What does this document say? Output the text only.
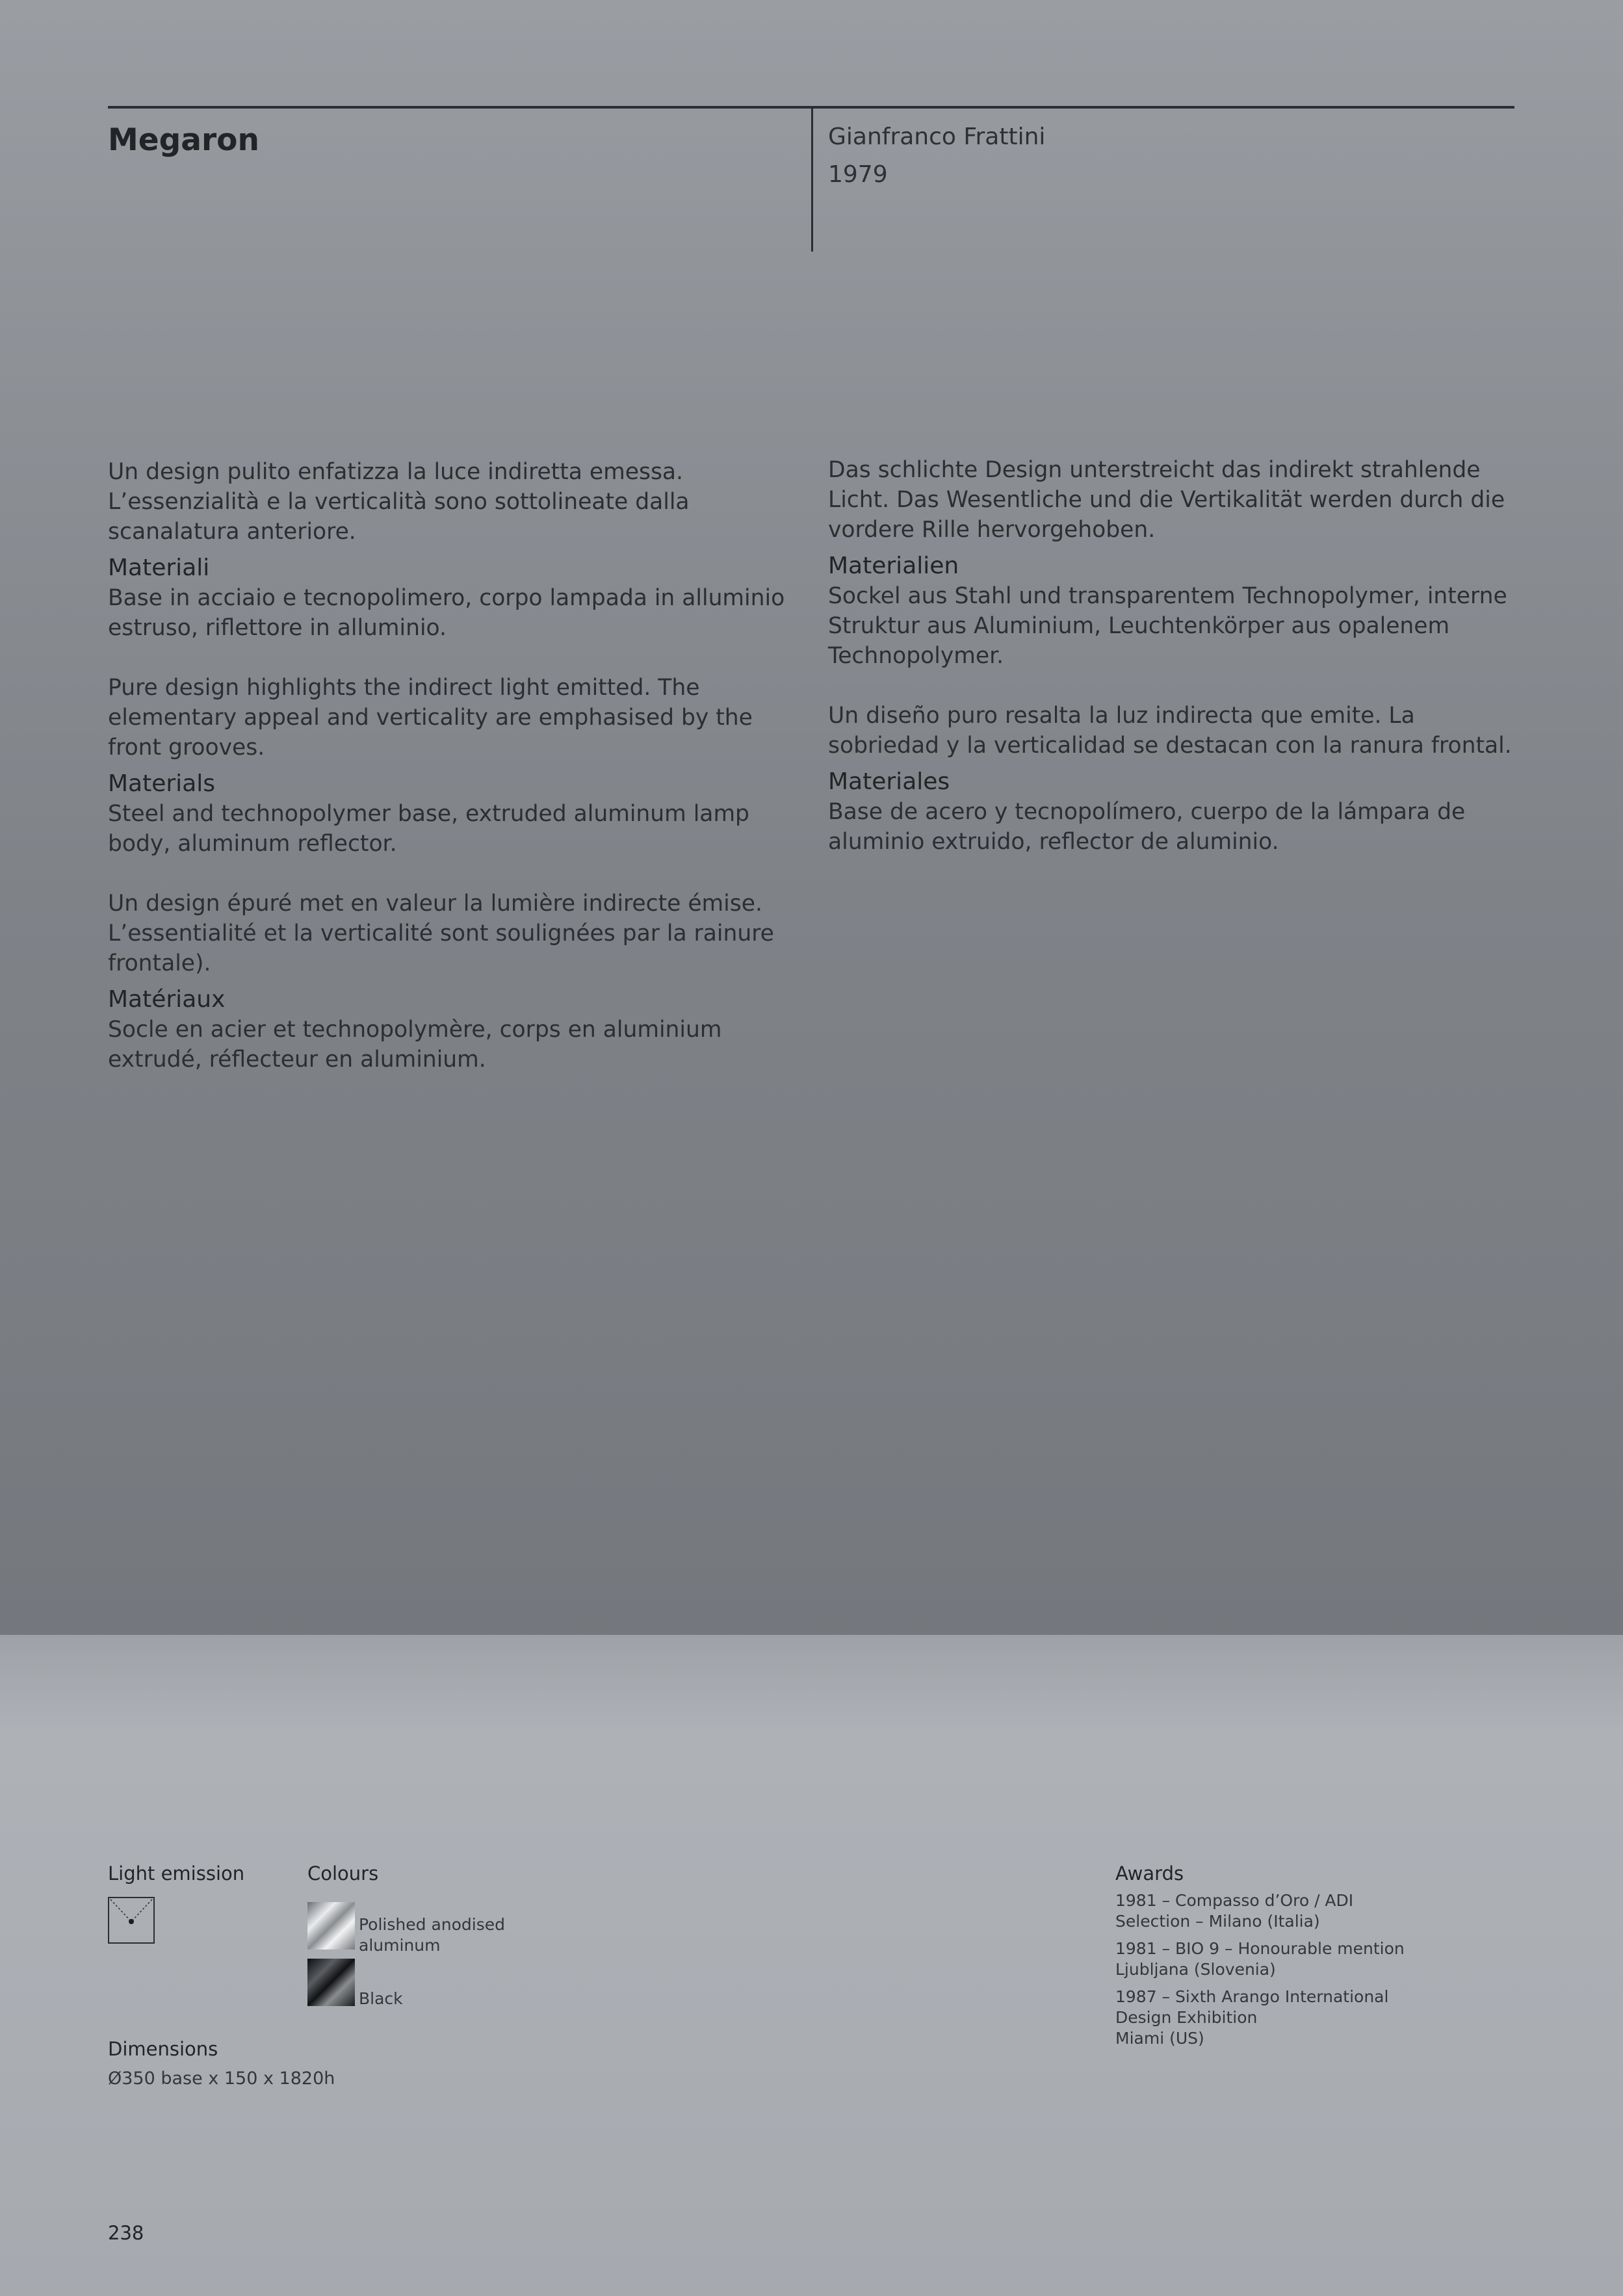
Megaron	Gianfranco Frattini
1979

Un design pulito enfatizza la luce indiretta emessa. L’essenzialità e la verticalità sono sottolineate dalla scanalatura anteriore.

Materiali

Base in acciaio e tecnopolimero, corpo lampada in alluminio estruso, riflettore in alluminio.

Pure design highlights the indirect light emitted. The elementary appeal and verticality are emphasised by the front grooves.

Materials

Steel and technopolymer base, extruded aluminum lamp body, aluminum reflector.

Un design épuré met en valeur la lumière indirecte émise. L’essentialité et la verticalité sont soulignées par la rainure frontale).

Matériaux

Socle en acier et technopolymère, corps en aluminium extrudé, réflecteur en aluminium.

Das schlichte Design unterstreicht das indirekt strahlende Licht. Das Wesentliche und die Vertikalität werden durch die vordere Rille hervorgehoben.

Materialien

Sockel aus Stahl und transparentem Technopolymer, interne Struktur aus Aluminium, Leuchtenkörper aus opalenem Technopolymer.

Un diseño puro resalta la luz indirecta que emite. La sobriedad y la verticalidad se destacan con la ranura frontal.

Materiales

Base de acero y tecnopolímero, cuerpo de la lámpara de aluminio extruido, reflector de aluminio.

Light emission	Colours
Polished anodised
aluminum
Black
Dimensions
Ø350 base x 150 x 1820h
Awards

1981 – Compasso d’Oro / ADI
Selection – Milano (Italia)

1981 – BIO 9 – Honourable mention
Ljubljana (Slovenia)

1987 – Sixth Arango International
Design Exhibition
Miami (US)

238
